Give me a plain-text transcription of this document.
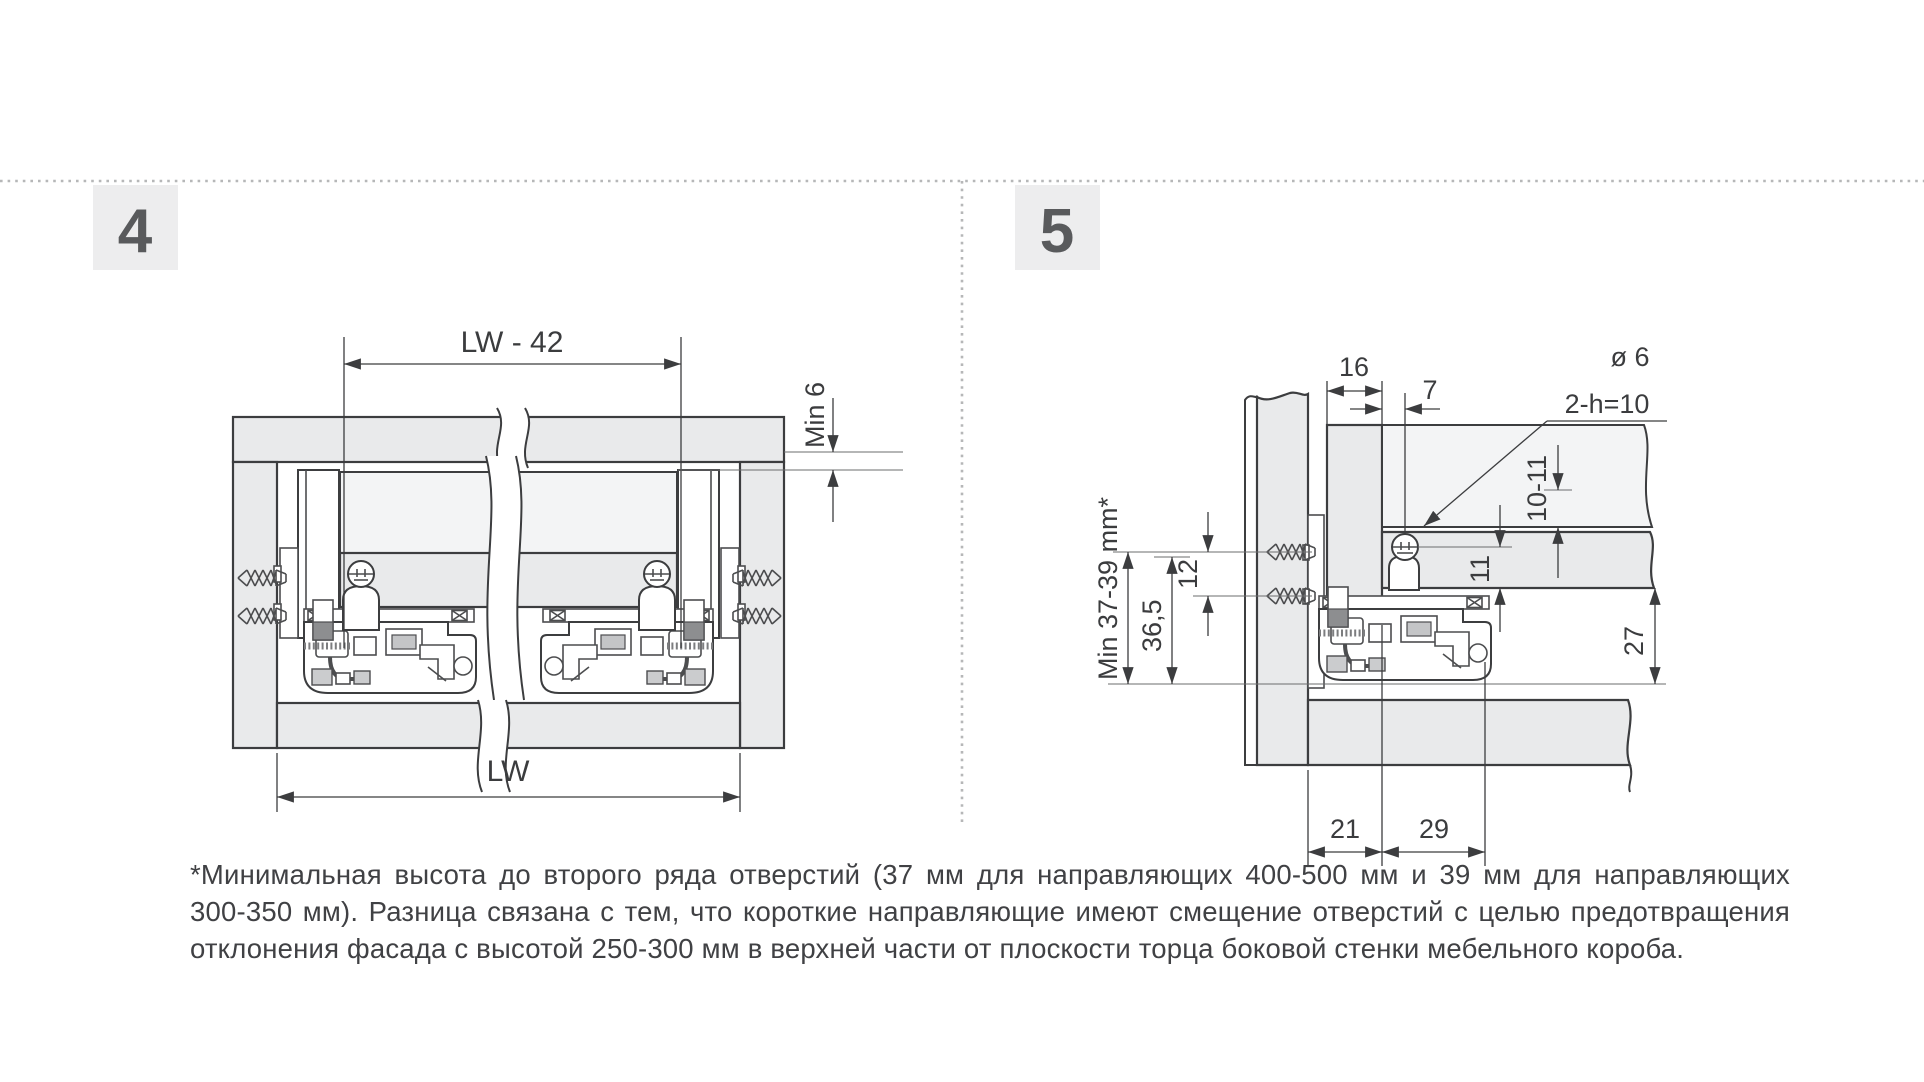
4	5
LW - 42
Min 6
LW
16
7
ø 6
2-h=10
10-11
11
27
12
36,5
Min 37-39 mm*
21 29
*Минимальная высота до второго ряда отверстий (37 мм для направляющих 400-500 мм и 39 мм для направляющих
300-350 мм). Разница связана с тем, что короткие направляющие имеют смещение отверстий с целью предотвращения
отклонения фасада с высотой 250-300 мм в верхней части от плоскости торца боковой стенки мебельного короба.
